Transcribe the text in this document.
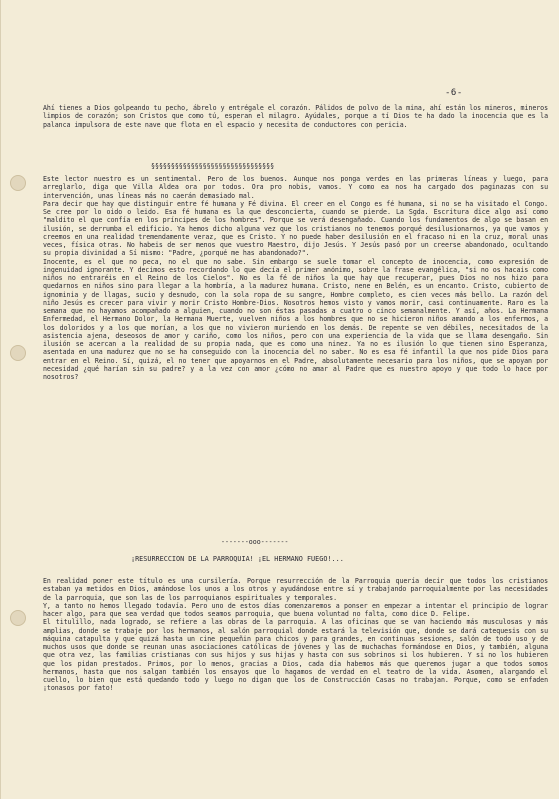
-6-

Ahí tienes a Dios golpeando tu pecho, ábrelo y entrégale el corazón. Pálidos de polvo de la mina, ahí están los mineros, mineros limpios de corazón; son Cristos que como tú, esperan el milagro. Ayúdales, porque a tí Dios te ha dado la inocencia que es la palanca impulsora de este nave que flota en el espacio y necesita de conductores con pericia.

§§§§§§§§§§§§§§§§§§§§§§§§§§§§§§§

Este lector nuestro es un sentimental. Pero de los buenos. Aunque nos ponga verdes en las primeras líneas y luego, para arreglarlo, diga que Villa Aldea ora por todos. Ora pro nobis, vamos. Y como ea nos ha cargado dos paginazas con su intervención, unas líneas más no caerán demasiado mal.

Para decir que hay que distinguir entre fé humana y Fé divina. El creer en el Congo es fé humana, si no se ha visitado el Congo. Se cree por lo oido o leido. Esa fé humana es la que desconcierta, cuando se pierde. La Sgda. Escritura dice algo así como "maldito el que confía en los príncipes de los hombres". Porque se verá desengañado. Cuando los fundamentos de algo se basan en ilusión, se derrumba el edificio. Ya hemos dicho alguna vez que los cristianos no tenemos porqué desilusionarnos, ya que vamos y creemos en una realidad tremendamente veraz, que es Cristo. Y no puede haber desilusión en el fracaso ni en la cruz, moral unas veces, física otras. No habeis de ser menos que vuestro Maestro, dijo Jesús. Y Jesús pasó por un creerse abandonado, ocultando su propia divinidad a Sí mismo: "Padre, ¿porqué me has abandonado?".

Inocente, es el que no peca, no el que no sabe. Sin embargo se suele tomar el concepto de inocencia, como expresión de ingenuidad ignorante. Y decimos esto recordando lo que decía el primer anónimo, sobre la frase evangélica, "si no os hacais como niños no entraréis en el Reino de los Cielos". No es la fé de niños la que hay que recuperar, pues Dios no nos hizo para quedarnos en niños sino para llegar a la hombría, a la madurez humana. Cristo, nene en Belén, es un encanto. Cristo, cubierto de ignominia y de llagas, sucio y desnudo, con la sola ropa de su sangre, Hombre completo, es cien veces más bello. La razón del niño Jesús es crecer para vivir y morir Cristo Hombre-Dios. Nosotros hemos visto y vamos morir, casi continuamente. Raro es la semana que no hayamos acompañado a alguien, cuando no son éstas pasadas a cuatro o cinco semanalmente. Y así, años. La Hermana Enfermedad, el Hermano Dolor, la Hermana Muerte, vuelven niños a los hombres que no se hicieron niños amando a los enfermos, a los doloridos y a los que morían, a los que no vivieron muriendo en los demás. De repente se ven débiles, necesitados de la asistencia ajena, deseosos de amor y cariño, como los niños, pero con una experiencia de la vida que se llama desengaño. Sin ilusión se acercan a la realidad de su propia nada, que es como una ninez. Ya no es ilusión lo que tienen sino Esperanza, asentada en una madurez que no se ha conseguido con la inocencia del no saber. No es esa fé infantil la que nos pide Dios para entrar en el Reino. Sí, quizá, el no tener que apoyarnos en el Padre, absolutamente necesario para los niños, que se apoyan por necesidad ¿qué harían sin su padre? y a la vez con amor ¿cómo no amar al Padre que es nuestro apoyo y que todo lo hace por nosotros?

-------ooo-------
¡RESURRECCION DE LA PARROQUIA! ¡EL HERMANO FUEGO!...

En realidad poner este título es una cursilería. Porque resurrección de la Parroquia quería decir que todos los cristianos estaban ya metidos en Dios, amándose los unos a los otros y ayudándose entre sí y trabajando parroquialmente por las necesidades de la parroquia, que son las de los parroquianos espirituales y temporales.

Y, a tanto no hemos llegado todavía. Pero uno de estos días comenzaremos a ponser en empezar a intentar el principio de lograr hacer algo, para que sea verdad que todos seamos parroquia, que buena voluntad no falta, como dice D. Felipe.

El titulillo, nada logrado, se refiere a las obras de la parroquia. A las oficinas que se van haciendo más musculosas y más amplias, donde se trabaje por los hermanos, al salón parroquial donde estará la televisión que, donde se dará catequesis con su máquina catapulta y que quizá hasta un cine pequeñin para chicos y para grandes, en continuas sesiones, salón de todo uso y de muchos usos que donde se reunan unas asociaciones católicas de jóvenes y las de muchachas formándose en Dios, y también, alguna que otra vez, las familias cristianas con sus hijos y sus hijas y hasta con sus sobrinos si los hubieren. Y si no los hubieren que los pidan prestados. Primos, por lo menos, gracias a Dios, cada día habemos más que queremos jugar a que todos somos hermanos, hasta que nos salgan también los ensayos que lo hagamos de verdad en el teatro de la vida. Asomen, alargando el cuello, lo bien que está quedando todo y luego no digan que los de Construcción Casas no trabajan. Porque, como se enfaden ¡tonasos por fato!
